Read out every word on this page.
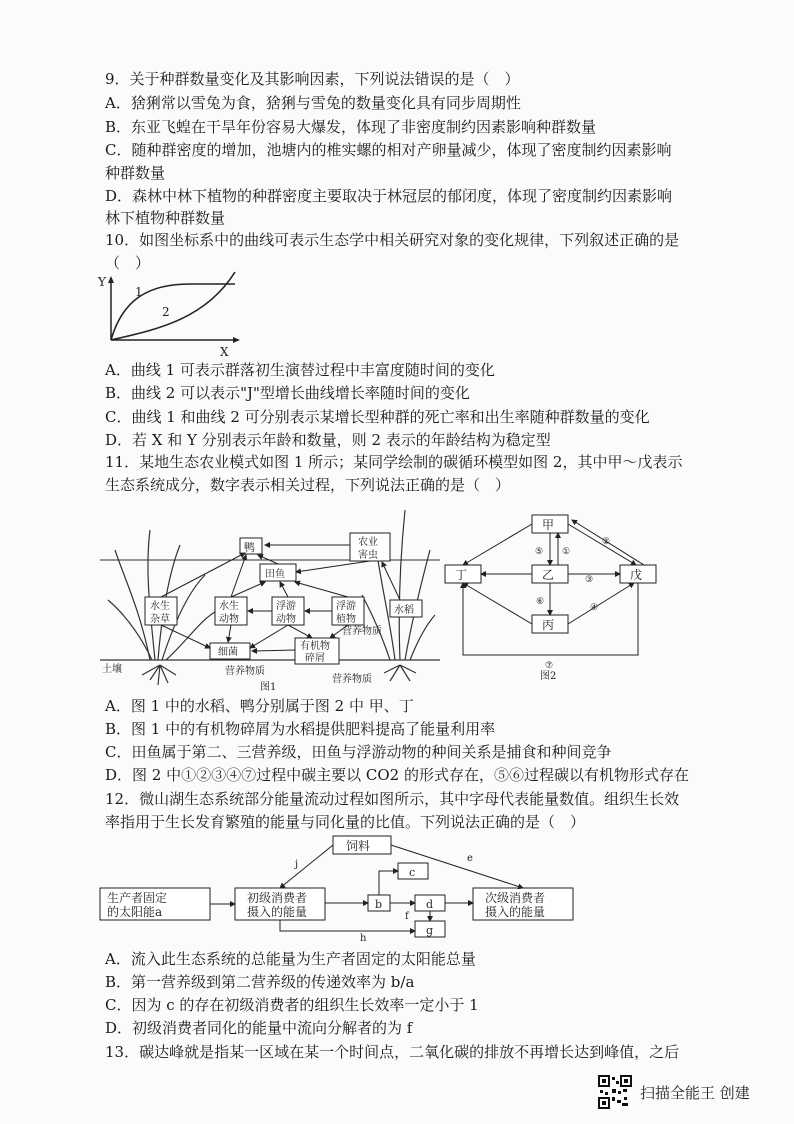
9．关于种群数量变化及其影响因素，下列说法错误的是（　）
A．猞猁常以雪兔为食，猞猁与雪兔的数量变化具有同步周期性
B．东亚飞蝗在干旱年份容易大爆发，体现了非密度制约因素影响种群数量
C．随种群密度的增加，池塘内的椎实螺的相对产卵量减少，体现了密度制约因素影响
种群数量
D．森林中林下植物的种群密度主要取决于林冠层的郁闭度，体现了密度制约因素影响
林下植物种群数量
10．如图坐标系中的曲线可表示生态学中相关研究对象的变化规律，下列叙述正确的是
（　）
Y
X
1
2
A．曲线 1 可表示群落初生演替过程中丰富度随时间的变化
B．曲线 2 可以表示"J"型增长曲线增长率随时间的变化
C．曲线 1 和曲线 2 可分别表示某增长型种群的死亡率和出生率随种群数量的变化
D．若 X 和 Y 分别表示年龄和数量，则 2 表示的年龄结构为稳定型
11．某地生态农业模式如图 1 所示；某同学绘制的碳循环模型如图 2，其中甲～戊表示
生态系统成分，数字表示相关过程，下列说法正确的是（　）
土壤
鸭	农业
害虫
田鱼
水生
杂草
水生
动物
浮游
动物
浮游
植物
水稻
细菌
有机物
碎屑
营养物质
营养物质
营养物质
图1
甲
丁	乙	戊
丙
⑤ ①
②
③
④
⑥
⑦
图2
A．图 1 中的水稻、鸭分别属于图 2 中 甲、丁
B．图 1 中的有机物碎屑为水稻提供肥料提高了能量利用率
C．田鱼属于第二、三营养级，田鱼与浮游动物的种间关系是捕食和种间竞争
D．图 2 中①②③④⑦过程中碳主要以 CO2 的形式存在，⑤⑥过程碳以有机物形式存在
12．微山湖生态系统部分能量流动过程如图所示，其中字母代表能量数值。组织生长效
率指用于生长发育繁殖的能量与同化量的比值。下列说法正确的是（　）
饲料
生产者固定
的太阳能a
初级消费者
摄入的能量
b
c
d
g
次级消费者
摄入的能量
j
e
f
h
A．流入此生态系统的总能量为生产者固定的太阳能总量
B．第一营养级到第二营养级的传递效率为 b/a
C．因为 c 的存在初级消费者的组织生长效率一定小于 1
D．初级消费者同化的能量中流向分解者的为 f
13．碳达峰就是指某一区域在某一个时间点，二氧化碳的排放不再增长达到峰值，之后
扫描全能王 创建
